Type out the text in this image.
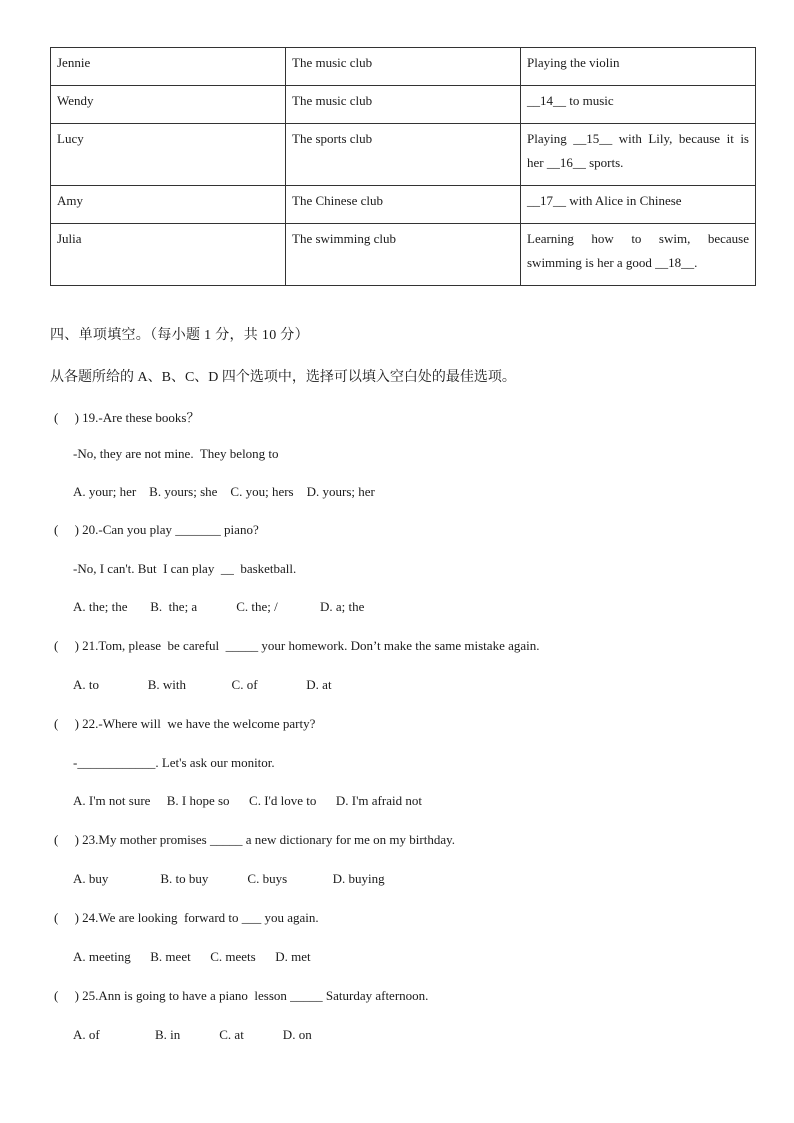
Jennie	The music club	Playing the violin
Wendy	The music club	__14__ to music
Lucy	The sports club	Playing __15__ with Lily, because it is her __16__ sports.
Amy	The Chinese club	__17__ with Alice in Chinese
Julia	The swimming club	Learning how to swim, because swimming is her a good __18__.
四、单项填空。（每小题 1 分，共 10 分）
从各题所给的 A、B、C、D 四个选项中，选择可以填入空白处的最佳选项。
(     ) 19.-Are these books？
-No, they are not mine.  They belong to
A. your; her    B. yours; she    C. you; hers    D. yours; her
(     ) 20.-Can you play _______ piano?
-No, I can't. But  I can play  __  basketball.
A. the; the       B.  the; a            C. the; /             D. a; the
(     ) 21.Tom, please  be careful  _____ your homework. Don’t make the same mistake again.
A. to               B. with              C. of               D. at
(     ) 22.-Where will  we have the welcome party?
-____________. Let's ask our monitor.
A. I'm not sure     B. I hope so      C. I'd love to      D. I'm afraid not
(     ) 23.My mother promises _____ a new dictionary for me on my birthday.
A. buy                B. to buy            C. buys              D. buying
(     ) 24.We are looking  forward to ___ you again.
A. meeting      B. meet      C. meets      D. met
(     ) 25.Ann is going to have a piano  lesson _____ Saturday afternoon.
A. of                 B. in            C. at            D. on
